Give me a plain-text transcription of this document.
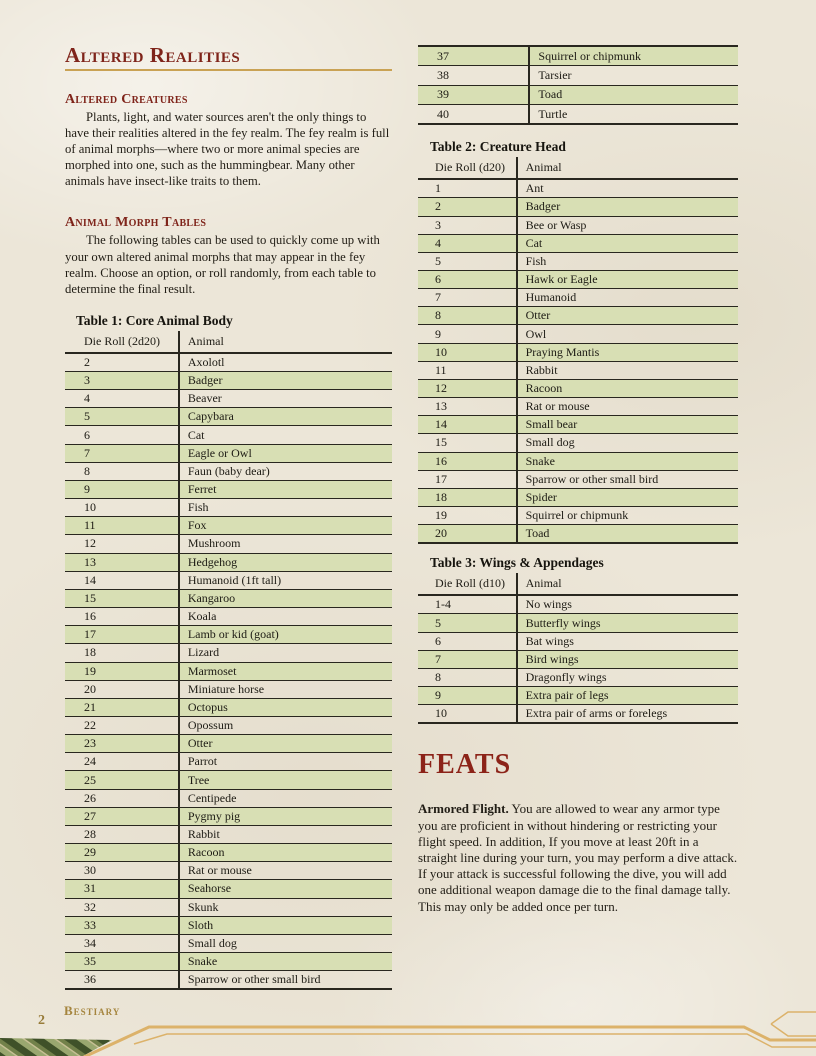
Altered Realities
Altered Creatures

Plants, light, and water sources aren't the only things to have their realities altered in the fey realm. The fey realm is full of animal morphs—where two or more animal species are morphed into one, such as the hummingbear. Many other animals have insect-like traits to them.

Animal Morph Tables

The following tables can be used to quickly come up with your own altered animal morphs that may appear in the fey realm. Choose an option, or roll randomly, from each table to determine the final result.

Table 1: Core Animal Body
Die Roll (2d20)	Animal
2	Axolotl
3	Badger
4	Beaver
5	Capybara
6	Cat
7	Eagle or Owl
8	Faun (baby dear)
9	Ferret
10	Fish
11	Fox
12	Mushroom
13	Hedgehog
14	Humanoid (1ft tall)
15	Kangaroo
16	Koala
17	Lamb or kid (goat)
18	Lizard
19	Marmoset
20	Miniature horse
21	Octopus
22	Opossum
23	Otter
24	Parrot
25	Tree
26	Centipede
27	Pygmy pig
28	Rabbit
29	Racoon
30	Rat or mouse
31	Seahorse
32	Skunk
33	Sloth
34	Small dog
35	Snake
36	Sparrow or other small bird
37	Squirrel or chipmunk
38	Tarsier
39	Toad
40	Turtle
Table 2: Creature Head
Die Roll (d20)	Animal
1	Ant
2	Badger
3	Bee or Wasp
4	Cat
5	Fish
6	Hawk or Eagle
7	Humanoid
8	Otter
9	Owl
10	Praying Mantis
11	Rabbit
12	Racoon
13	Rat or mouse
14	Small bear
15	Small dog
16	Snake
17	Sparrow or other small bird
18	Spider
19	Squirrel or chipmunk
20	Toad
Table 3: Wings & Appendages
Die Roll (d10)	Animal
1-4	No wings
5	Butterfly wings
6	Bat wings
7	Bird wings
8	Dragonfly wings
9	Extra pair of legs
10	Extra pair of arms or forelegs
FEATS

Armored Flight. You are allowed to wear any armor type you are proficient in without hindering or restricting your flight speed. In addition, If you move at least 20ft in a straight line during your turn, you may perform a dive attack. If your attack is successful following the dive, you will add one additional weapon damage die to the final damage tally. This may only be added once per turn.

Bestiary
2
